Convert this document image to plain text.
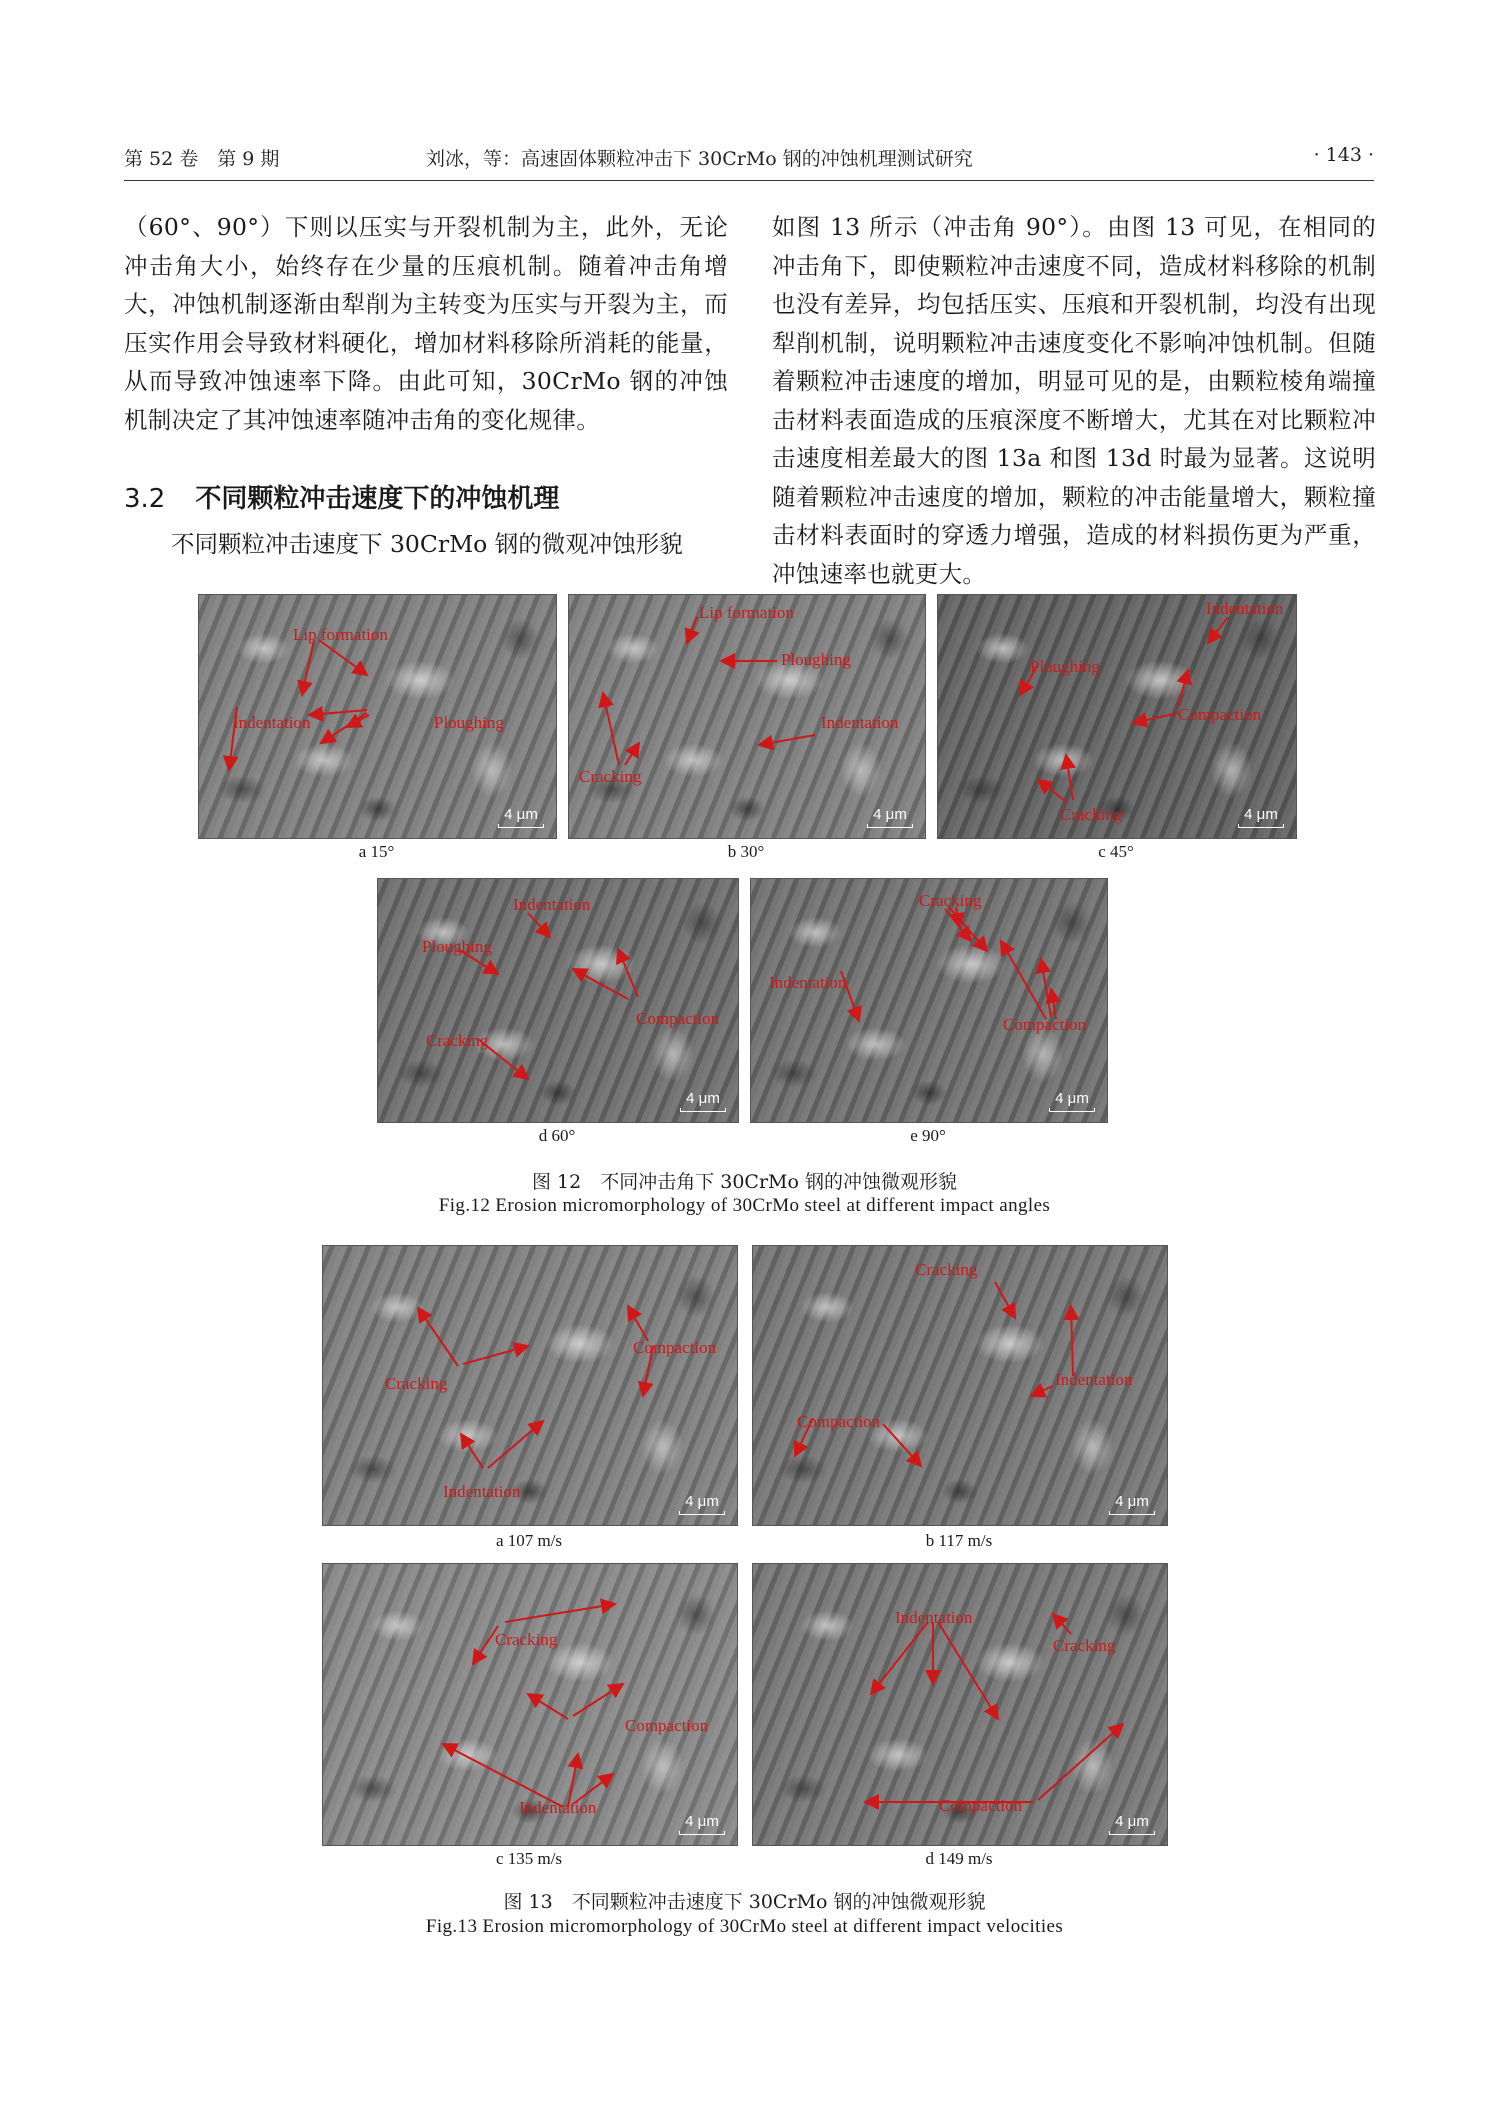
第 52 卷　第 9 期	刘冰，等：高速固体颗粒冲击下 30CrMo 钢的冲蚀机理测试研究	· 143 ·

（60°、90°）下则以压实与开裂机制为主，此外，无论冲击角大小，始终存在少量的压痕机制。随着冲击角增大，冲蚀机制逐渐由犁削为主转变为压实与开裂为主，而压实作用会导致材料硬化，增加材料移除所消耗的能量，从而导致冲蚀速率下降。由此可知，30CrMo 钢的冲蚀机制决定了其冲蚀速率随冲击角的变化规律。

3.2 不同颗粒冲击速度下的冲蚀机理
不同颗粒冲击速度下 30CrMo 钢的微观冲蚀形貌

如图 13 所示（冲击角 90°）。由图 13 可见，在相同的冲击角下，即使颗粒冲击速度不同，造成材料移除的机制也没有差异，均包括压实、压痕和开裂机制，均没有出现犁削机制，说明颗粒冲击速度变化不影响冲蚀机制。但随着颗粒冲击速度的增加，明显可见的是，由颗粒棱角端撞击材料表面造成的压痕深度不断增大，尤其在对比颗粒冲击速度相差最大的图 13a 和图 13d 时最为显著。这说明随着颗粒冲击速度的增加，颗粒的冲击能量增大，颗粒撞击材料表面时的穿透力增强，造成的材料损伤更为严重，冲蚀速率也就更大。

Lip formation
Indentation	Ploughing
4 μm
a 15°
Lip formation
Ploughing
Indentation
Cracking
4 μm
b 30°
Indentation
Ploughing
Compaction
Cracking	4 μm
c 45°
Indentation
Ploughing
Compaction
Cracking
4 μm
d 60°
Cracking
Indentation
Compaction
4 μm
e 90°
图 12　不同冲击角下 30CrMo 钢的冲蚀微观形貌
Fig.12 Erosion micromorphology of 30CrMo steel at different impact angles
Compaction
Cracking
Indentation
4 μm
a 107 m/s
Cracking
Indentation
Compaction
4 μm
b 117 m/s
Cracking
Compaction
Indentation
4 μm
c 135 m/s
Indentation
Cracking
Compaction
4 μm
d 149 m/s
图 13　不同颗粒冲击速度下 30CrMo 钢的冲蚀微观形貌
Fig.13 Erosion micromorphology of 30CrMo steel at different impact velocities
